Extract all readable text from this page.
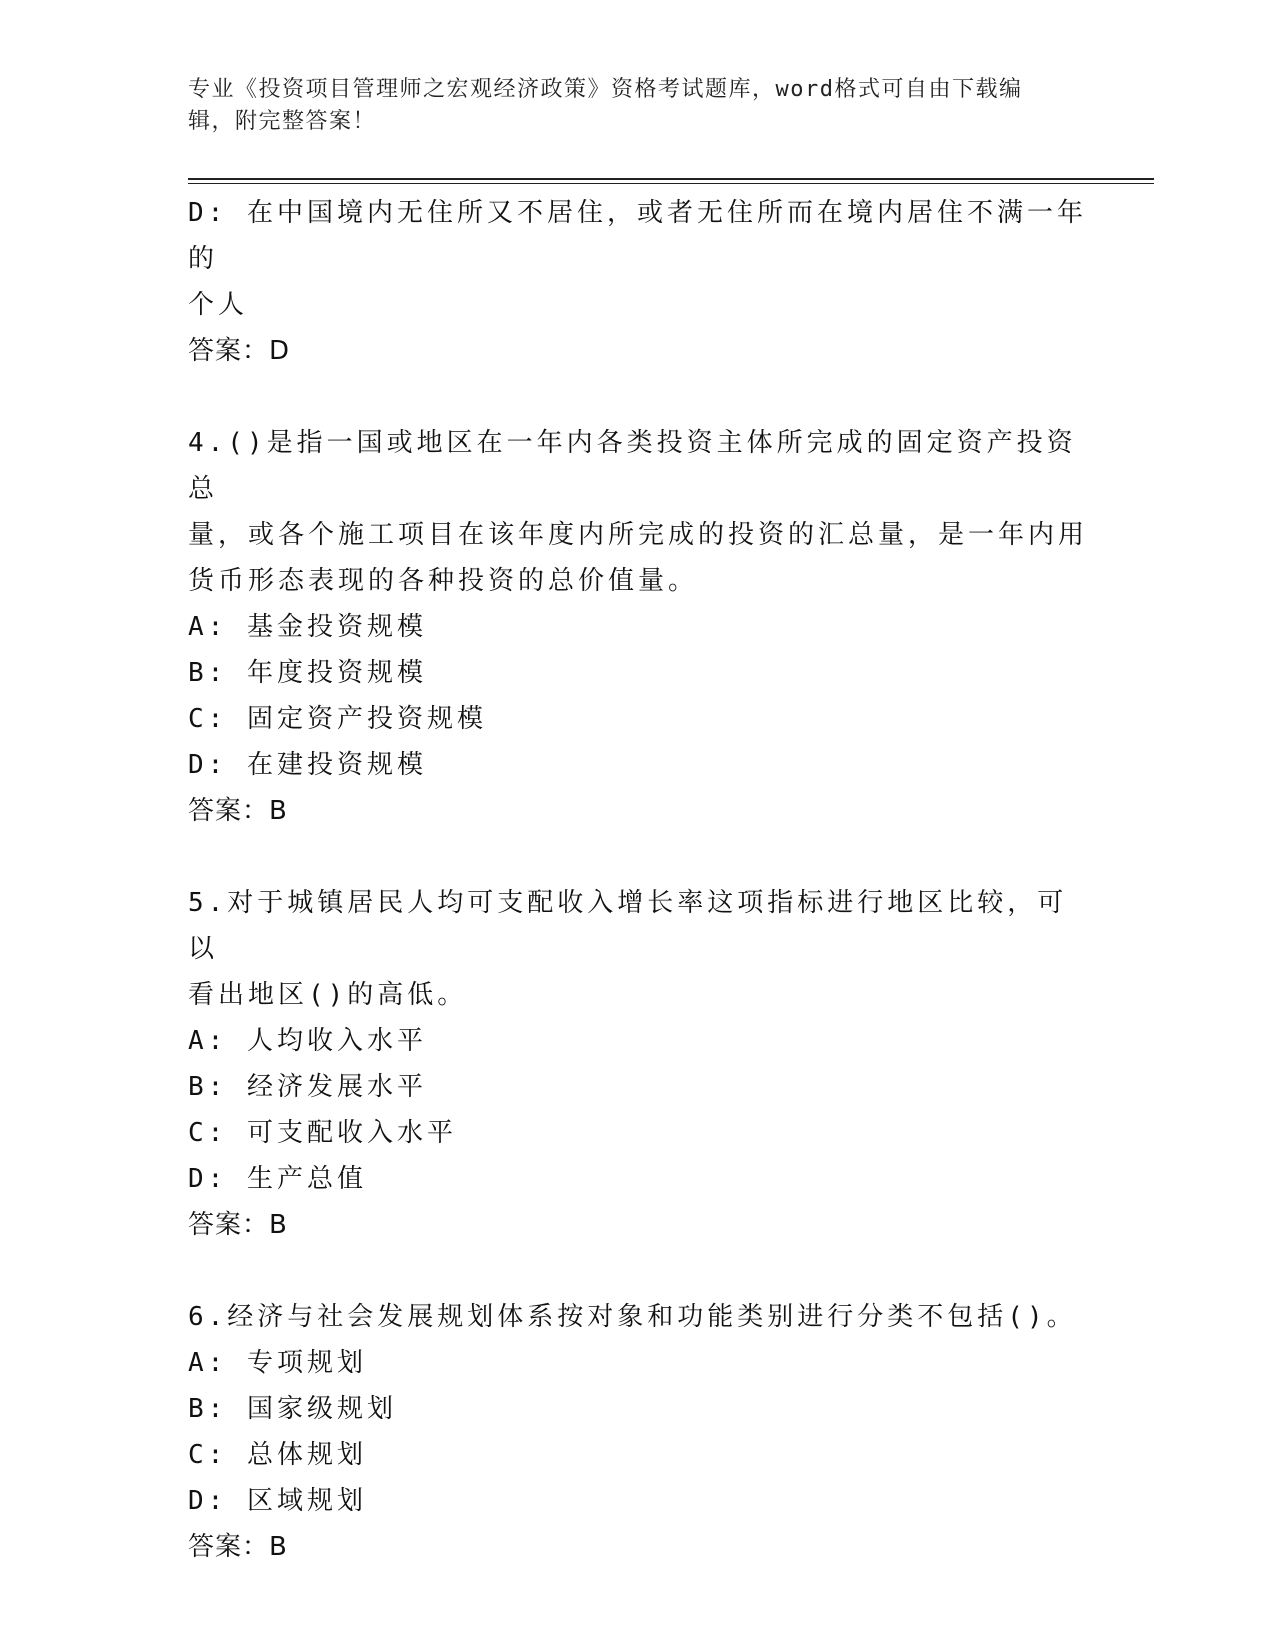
专业《投资项目管理师之宏观经济政策》资格考试题库，word格式可自由下载编辑，附完整答案！
D: 在中国境内无住所又不居住，或者无住所而在境内居住不满一年的
个人
答案：D
4.()是指一国或地区在一年内各类投资主体所完成的固定资产投资总
量，或各个施工项目在该年度内所完成的投资的汇总量，是一年内用
货币形态表现的各种投资的总价值量。
A: 基金投资规模
B: 年度投资规模
C: 固定资产投资规模
D: 在建投资规模
答案：B
5.对于城镇居民人均可支配收入增长率这项指标进行地区比较，可以
看出地区()的高低。
A: 人均收入水平
B: 经济发展水平
C: 可支配收入水平
D: 生产总值
答案：B
6.经济与社会发展规划体系按对象和功能类别进行分类不包括()。
A: 专项规划
B: 国家级规划
C: 总体规划
D: 区域规划
答案：B
